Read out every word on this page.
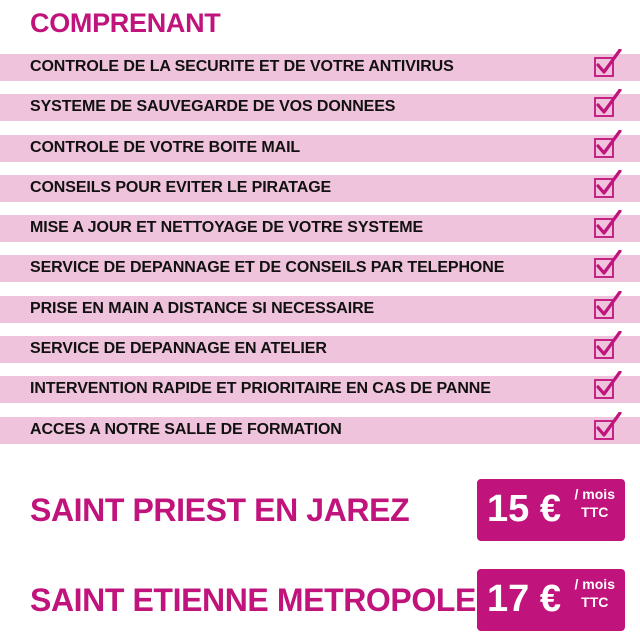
COMPRENANT
CONTROLE DE LA SECURITE ET DE VOTRE ANTIVIRUS
SYSTEME DE SAUVEGARDE DE VOS DONNEES
CONTROLE DE VOTRE BOITE MAIL
CONSEILS POUR EVITER LE PIRATAGE
MISE A JOUR ET NETTOYAGE DE VOTRE SYSTEME
SERVICE DE DEPANNAGE ET DE CONSEILS PAR TELEPHONE
PRISE EN MAIN A DISTANCE SI NECESSAIRE
SERVICE DE DEPANNAGE EN ATELIER
INTERVENTION RAPIDE ET PRIORITAIRE EN CAS DE PANNE
ACCES A NOTRE SALLE DE FORMATION
SAINT PRIEST EN JAREZ 15 € / mois
TTC
SAINT ETIENNE METROPOLE 17 € / mois
TTC
